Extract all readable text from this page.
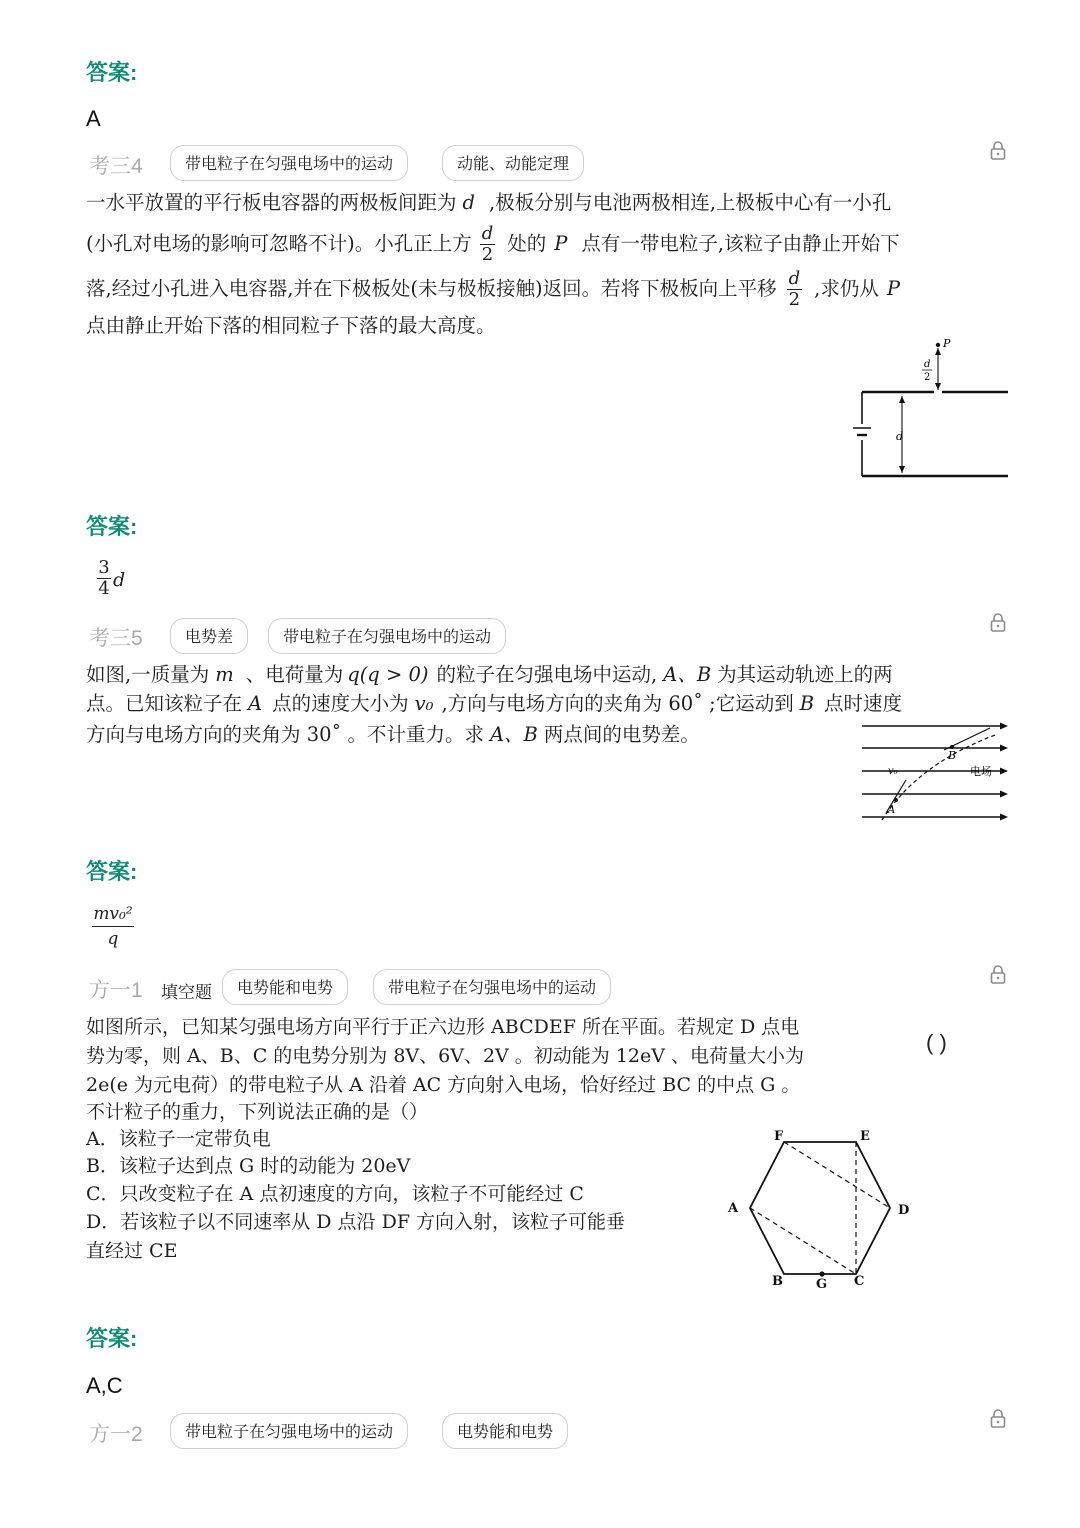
答案:
A
考三4	带电粒子在匀强电场中的运动	动能、动能定理
一水平放置的平行板电容器的两极板间距为 d ,极板分别与电池两极相连,上极板中心有一小孔
(小孔对电场的影响可忽略不计)。小孔正上方 $\frac{d}{2}$ 处的 P 点有一带电粒子,该粒子由静止开始下
落,经过小孔进入电容器,并在下极板处(未与极板接触)返回。若将下极板向上平移 $\frac{d}{2}$ ,求仍从 P
点由静止开始下落的相同粒子下落的最大高度。
P
d
2
d
答案:
3
4 d
考三5	电势差	带电粒子在匀强电场中的运动
如图,一质量为 m 、电荷量为 q(q > 0) 的粒子在匀强电场中运动, A、B 为其运动轨迹上的两
点。已知该粒子在 A 点的速度大小为 v₀ ,方向与电场方向的夹角为 60˚ ;它运动到 B 点时速度
方向与电场方向的夹角为 30˚ 。不计重力。求 A、B 两点间的电势差。
v₀
B
A
电场
答案:
mv₀²
q
方一1 填空题	电势能和电势	带电粒子在匀强电场中的运动
( )
如图所示，已知某匀强电场方向平行于正六边形 ABCDEF 所在平面。若规定 D 点电
势为零，则 A、B、C 的电势分别为 8V、6V、2V 。初动能为 12eV 、电荷量大小为
2e(e 为元电荷）的带电粒子从 A 沿着 AC 方向射入电场，恰好经过 BC 的中点 G 。
不计粒子的重力，下列说法正确的是（）
A．该粒子一定带负电
B．该粒子达到点 G 时的动能为 20eV
C．只改变粒子在 A 点初速度的方向，该粒子不可能经过 C
D．若该粒子以不同速率从 D 点沿 DF 方向入射，该粒子可能垂
直经过 CE
F	E
A	D
B	G C
答案:
A,C
方一2	带电粒子在匀强电场中的运动	电势能和电势
